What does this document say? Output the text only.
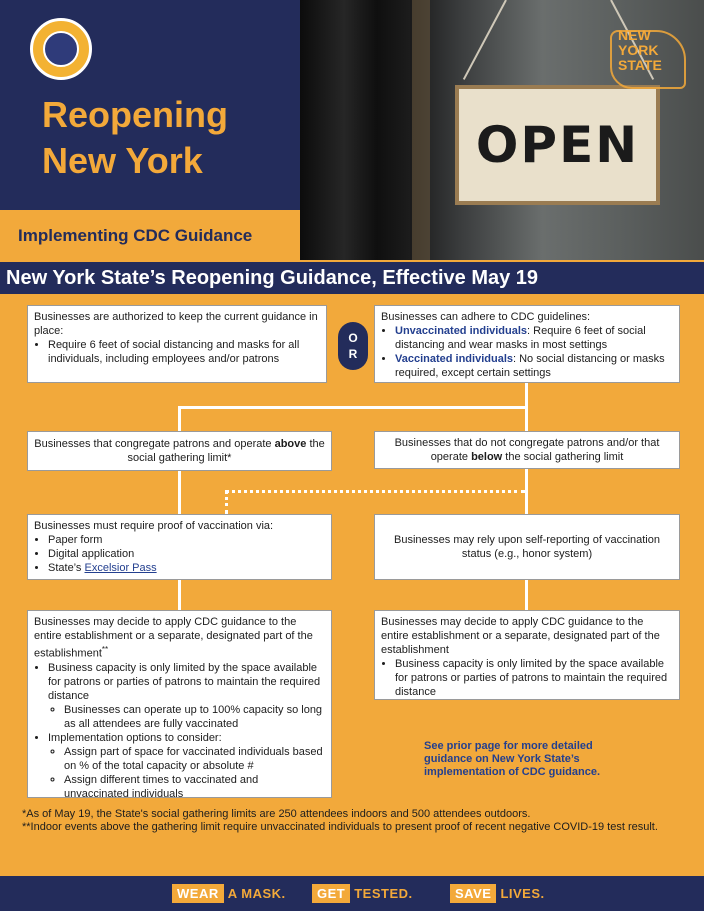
Reopening
New York
Implementing CDC Guidance
OPEN
NEW
YORK
STATE
New York State’s Reopening Guidance, Effective May 19
Businesses are authorized to keep the current guidance in place:
• Require 6 feet of social distancing and masks for all individuals, including employees and/or patrons
O
R
Businesses can adhere to CDC guidelines:
• Unvaccinated individuals: Require 6 feet of social distancing and wear masks in most settings
• Vaccinated individuals: No social distancing or masks required, except certain settings
Businesses that congregate patrons and operate above the social gathering limit*
Businesses that do not congregate patrons and/or that operate below the social gathering limit
Businesses must require proof of vaccination via:
• Paper form
• Digital application
• State’s Excelsior Pass
Businesses may rely upon self-reporting of vaccination status (e.g., honor system)
Businesses may decide to apply CDC guidance to the entire establishment or a separate, designated part of the establishment**
• Business capacity is only limited by the space available for patrons or parties of patrons to maintain the required distance
◦ Businesses can operate up to 100% capacity so long as all attendees are fully vaccinated
• Implementation options to consider:
◦ Assign part of space for vaccinated individuals based on % of the total capacity or absolute #
◦ Assign different times to vaccinated and unvaccinated individuals
Businesses may decide to apply CDC guidance to the entire establishment or a separate, designated part of the establishment
• Business capacity is only limited by the space available for patrons or parties of patrons to maintain the required distance
See prior page for more detailed guidance on New York State’s implementation of CDC guidance.
*As of May 19, the State's social gathering limits are 250 attendees indoors and 500 attendees outdoors.
**Indoor events above the gathering limit require unvaccinated individuals to present proof of recent negative COVID-19 test result.
WEAR A MASK.	GET TESTED.	SAVE LIVES.
